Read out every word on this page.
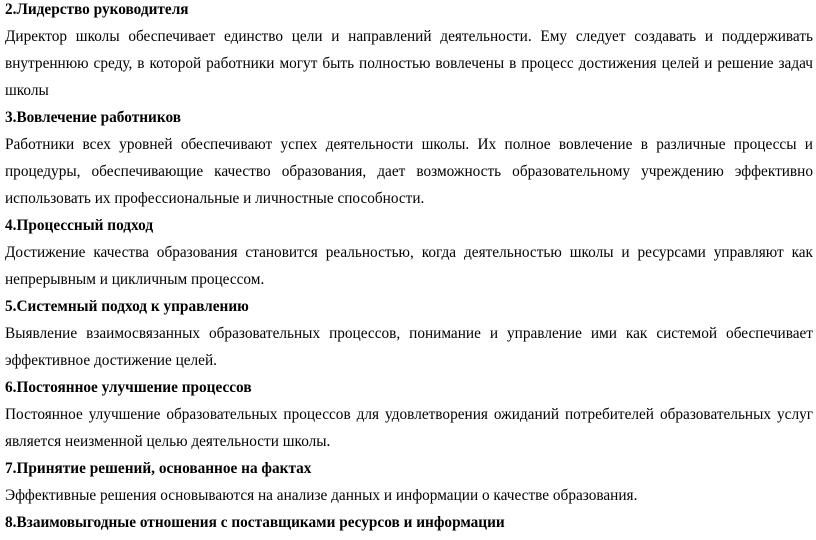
2.Лидерство руководителя

Директор школы обеспечивает единство цели и направлений деятельности. Ему следует создавать и поддерживать внутреннюю среду, в которой работники могут быть полностью вовлечены в процесс достижения целей и решение задач школы

3.Вовлечение работников

Работники всех уровней обеспечивают успех деятельности школы. Их полное вовлечение в различные процессы и процедуры, обеспечивающие качество образования, дает возможность образовательному учреждению эффективно использовать их профессиональные и личностные способности.

4.Процессный подход

Достижение качества образования становится реальностью, когда деятельностью школы и ресурсами управляют как непрерывным и цикличным процессом.

5.Системный подход к управлению

Выявление взаимосвязанных образовательных процессов, понимание и управление ими как системой обеспечивает эффективное достижение целей.

6.Постоянное улучшение процессов

Постоянное улучшение образовательных процессов для удовлетворения ожиданий потребителей образовательных услуг является неизменной целью деятельности школы.

7.Принятие решений, основанное на фактах

Эффективные решения основываются на анализе данных и информации о качестве образования.

8.Взаимовыгодные отношения с поставщиками ресурсов и информации
